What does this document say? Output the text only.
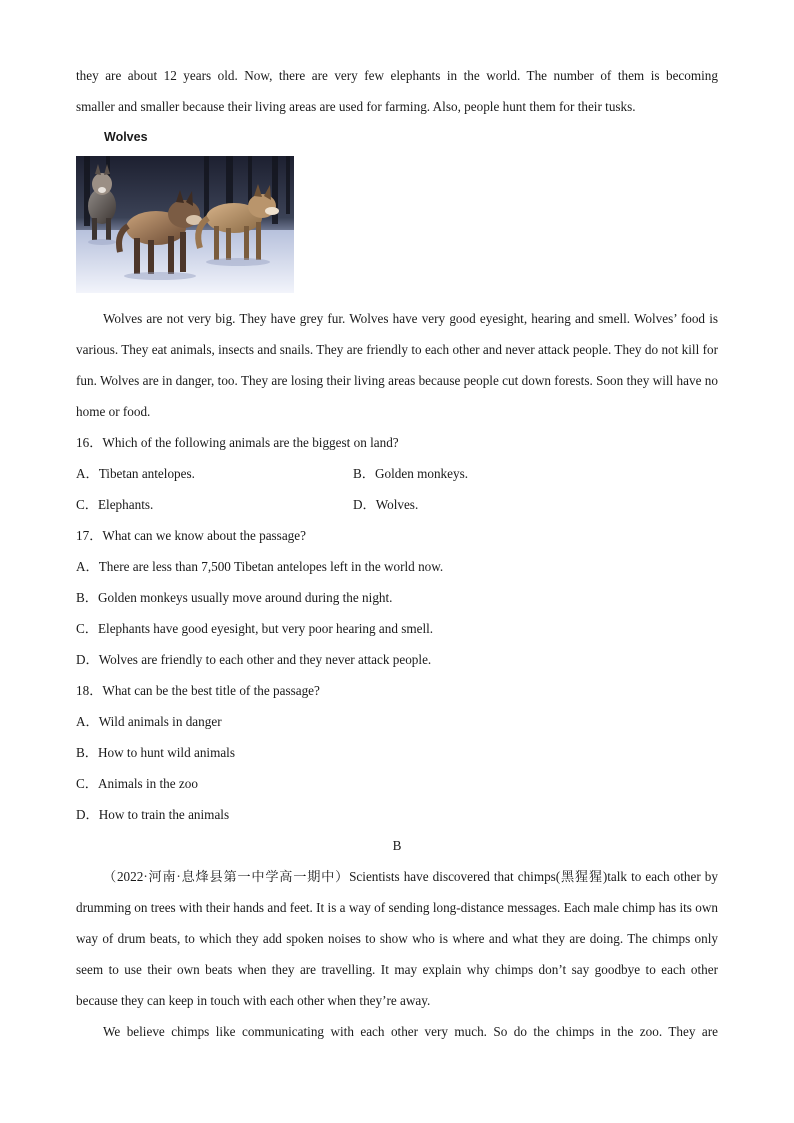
they are about 12 years old. Now, there are very few elephants in the world. The number of them is becoming

smaller and smaller because their living areas are used for farming. Also, people hunt them for their tusks.

Wolves

Wolves are not very big. They have grey fur. Wolves have very good eyesight, hearing and smell. Wolves’ food is various. They eat animals, insects and snails. They are friendly to each other and never attack people. They do not kill for fun. Wolves are in danger, too. They are losing their living areas because people cut down forests. Soon they will have no home or food.

16．Which of the following animals are the biggest on land?
A．Tibetan antelopes.	B．Golden monkeys.
C．Elephants.	D．Wolves.
17．What can we know about the passage?
A．There are less than 7,500 Tibetan antelopes left in the world now.
B．Golden monkeys usually move around during the night.
C．Elephants have good eyesight, but very poor hearing and smell.
D．Wolves are friendly to each other and they never attack people.
18．What can be the best title of the passage?
A．Wild animals in danger
B．How to hunt wild animals
C．Animals in the zoo
D．How to train the animals
B

（2022·河南·息烽县第一中学高一期中）Scientists have discovered that chimps(黑猩猩)talk to each other by drumming on trees with their hands and feet. It is a way of sending long-distance messages. Each male chimp has its own way of drum beats, to which they add spoken noises to show who is where and what they are doing. The chimps only seem to use their own beats when they are travelling. It may explain why chimps don’t say goodbye to each other because they can keep in touch with each other when they’re away.

We believe chimps like communicating with each other very much. So do the chimps in the zoo. They are
